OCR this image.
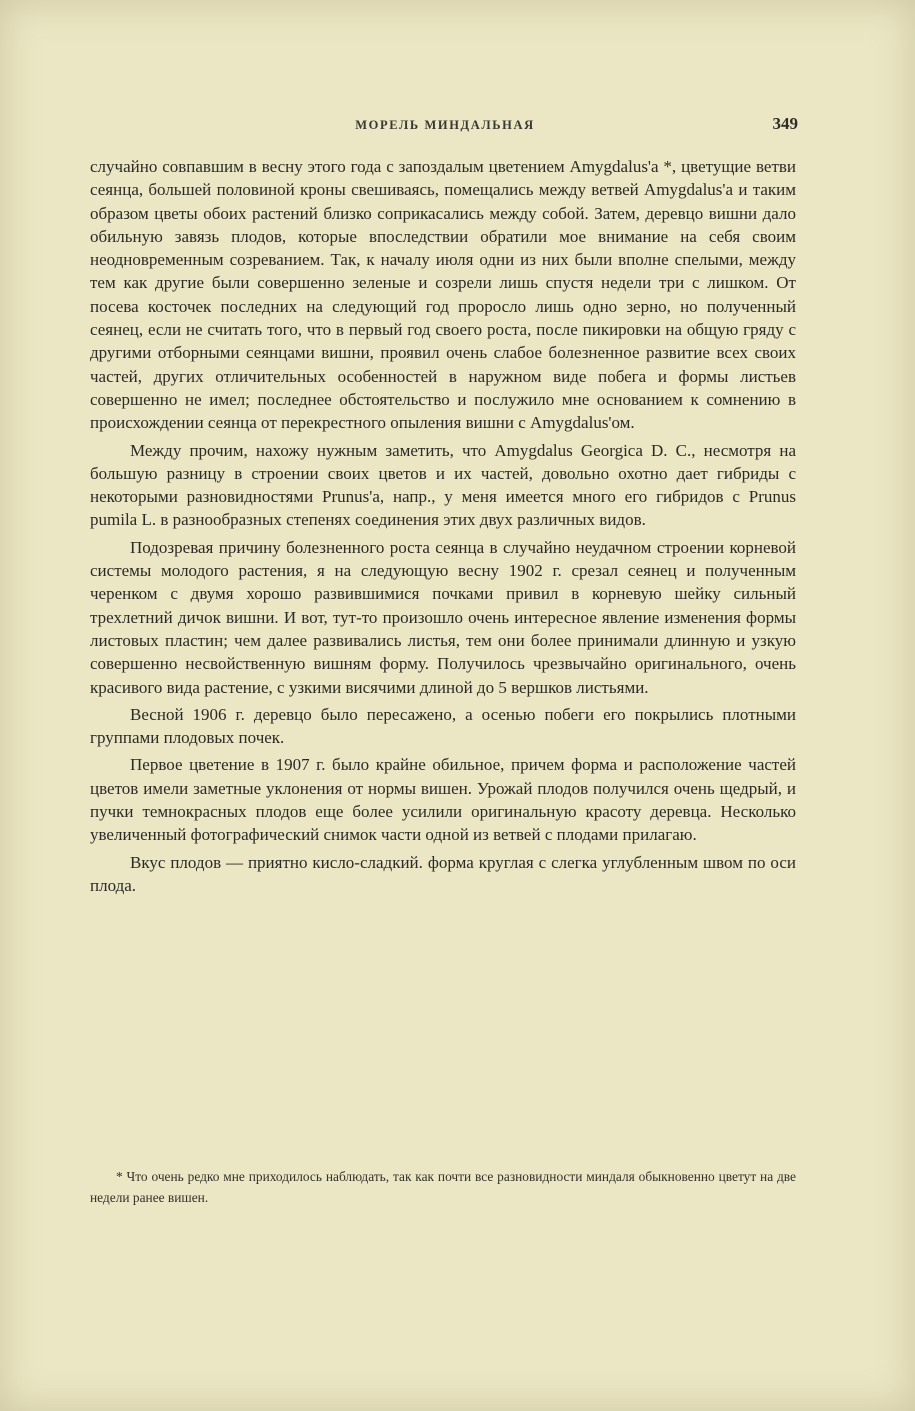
МОРЕЛЬ МИНДАЛЬНАЯ	349

случайно совпавшим в весну этого года с запоздалым цветением Amygdalus'а *, цветущие ветви сеянца, большей половиной кроны свешиваясь, помещались между ветвей Amygdalus'а и таким образом цветы обоих растений близко соприкасались между собой. Затем, деревцо вишни дало обильную завязь плодов, которые впоследствии обратили мое внимание на себя своим неодновременным созреванием. Так, к началу июля одни из них были вполне спелыми, между тем как другие были совершенно зеленые и созрели лишь спустя недели три с лишком. От посева косточек последних на следующий год проросло лишь одно зерно, но полученный сеянец, если не считать того, что в первый год своего роста, после пикировки на общую гряду с другими отборными сеянцами вишни, проявил очень слабое болезненное развитие всех своих частей, других отличительных особенностей в наружном виде побега и формы листьев совершенно не имел; последнее обстоятельство и послужило мне основанием к сомнению в происхождении сеянца от перекрестного опыления вишни с Amygdalus'ом.

Между прочим, нахожу нужным заметить, что Amygdalus Georgica D. C., несмотря на большую разницу в строении своих цветов и их частей, довольно охотно дает гибриды с некоторыми разновидностями Prunus'а, напр., у меня имеется много его гибридов с Prunus pumila L. в разнообразных степенях соединения этих двух различных видов.

Подозревая причину болезненного роста сеянца в случайно неудачном строении корневой системы молодого растения, я на следующую весну 1902 г. срезал сеянец и полученным черенком с двумя хорошо развившимися почками привил в корневую шейку сильный трехлетний дичок вишни. И вот, тут-то произошло очень интересное явление изменения формы листовых пластин; чем далее развивались листья, тем они более принимали длинную и узкую совершенно несвойственную вишням форму. Получилось чрезвычайно оригинального, очень красивого вида растение, с узкими висячими длиной до 5 вершков листьями.

Весной 1906 г. деревцо было пересажено, а осенью побеги его покрылись плотными группами плодовых почек.

Первое цветение в 1907 г. было крайне обильное, причем форма и расположение частей цветов имели заметные уклонения от нормы вишен. Урожай плодов получился очень щедрый, и пучки темнокрасных плодов еще более усилили оригинальную красоту деревца. Несколько увеличенный фотографический снимок части одной из ветвей с плодами прилагаю.

Вкус плодов — приятно кисло-сладкий. форма круглая с слегка углубленным швом по оси плода.

* Что очень редко мне приходилось наблюдать, так как почти все разновидности миндаля обыкновенно цветут на две недели ранее вишен.
